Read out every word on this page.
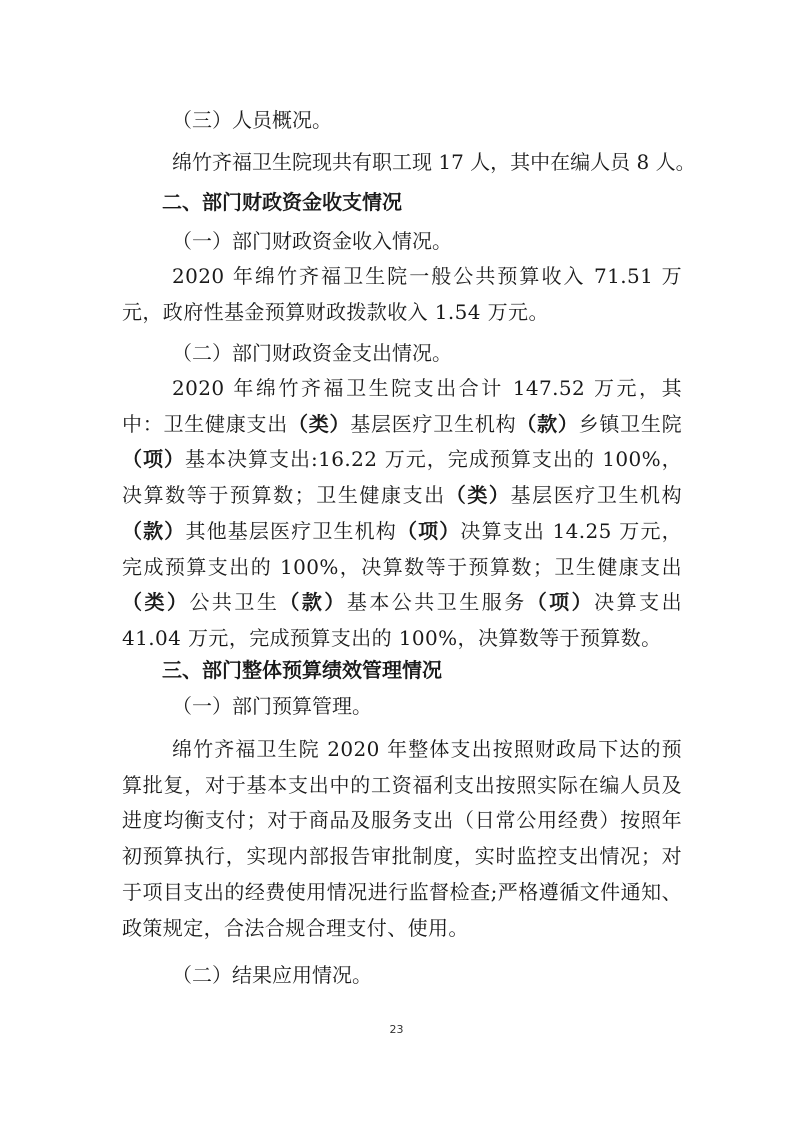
（三）人员概况。
绵竹齐福卫生院现共有职工现 17 人，其中在编人员 8 人。
二、部门财政资金收支情况
（一）部门财政资金收入情况。
2020 年绵竹齐福卫生院一般公共预算收入 71.51 万元，政府性基金预算财政拨款收入 1.54 万元。
（二）部门财政资金支出情况。
2020 年绵竹齐福卫生院支出合计 147.52 万元，其中：卫生健康支出（类）基层医疗卫生机构（款）乡镇卫生院（项）基本决算支出:16.22 万元，完成预算支出的 100%，决算数等于预算数；卫生健康支出（类）基层医疗卫生机构（款）其他基层医疗卫生机构（项）决算支出 14.25 万元，完成预算支出的 100%，决算数等于预算数；卫生健康支出（类）公共卫生（款）基本公共卫生服务（项）决算支出 41.04 万元，完成预算支出的 100%，决算数等于预算数。
三、部门整体预算绩效管理情况
（一）部门预算管理。
绵竹齐福卫生院 2020 年整体支出按照财政局下达的预算批复，对于基本支出中的工资福利支出按照实际在编人员及进度均衡支付；对于商品及服务支出（日常公用经费）按照年初预算执行，实现内部报告审批制度，实时监控支出情况；对于项目支出的经费使用情况进行监督检查;严格遵循文件通知、政策规定，合法合规合理支付、使用。
（二）结果应用情况。
23
